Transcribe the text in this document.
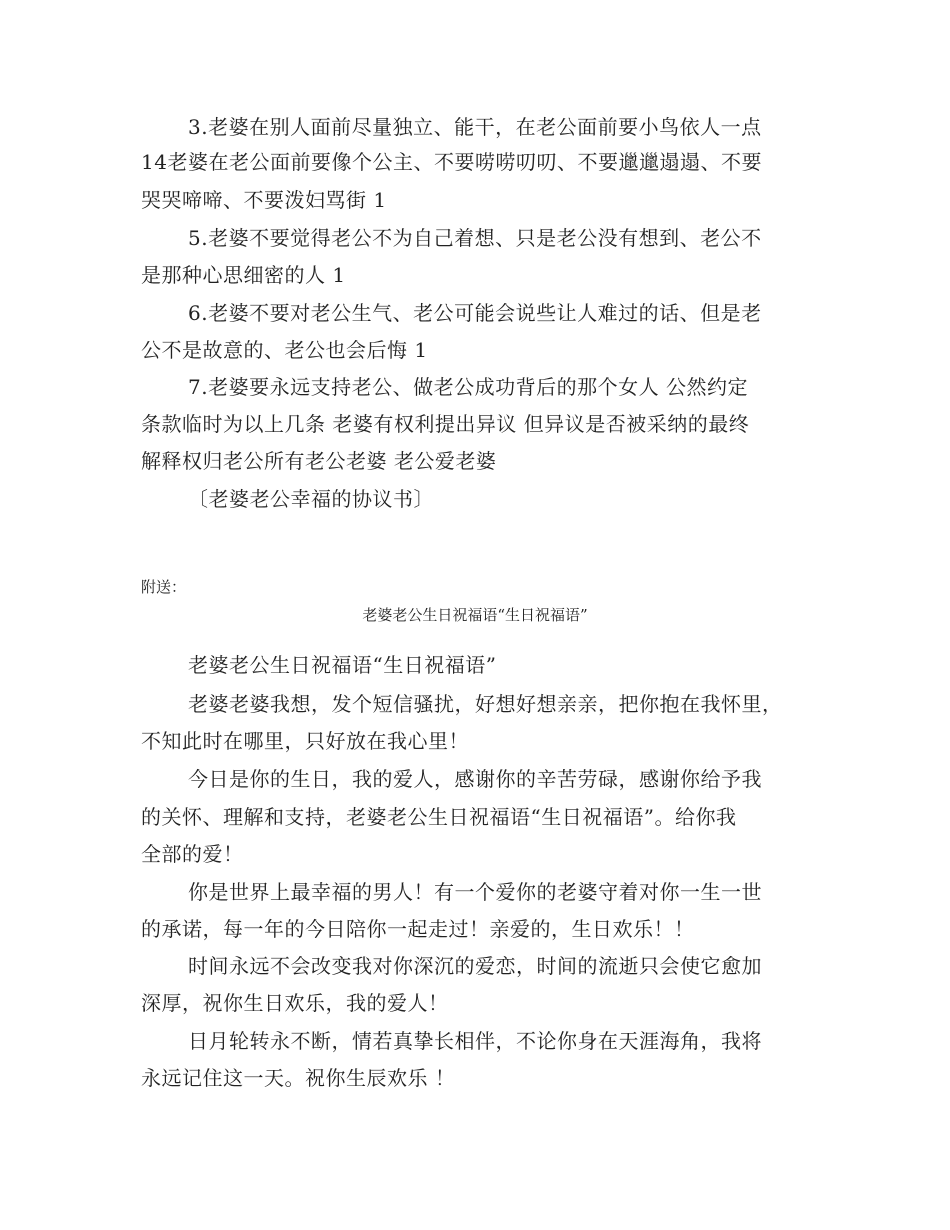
3.老婆在别人面前尽量独立、能干，在老公面前要小鸟依人一点
14老婆在老公面前要像个公主、不要唠唠叨叨、不要邋邋遢遢、不要
哭哭啼啼、不要泼妇骂街 1
5.老婆不要觉得老公不为自己着想、只是老公没有想到、老公不
是那种心思细密的人 1
6.老婆不要对老公生气、老公可能会说些让人难过的话、但是老
公不是故意的、老公也会后悔 1
7.老婆要永远支持老公、做老公成功背后的那个女人 公然约定
条款临时为以上几条 老婆有权利提出异议 但异议是否被采纳的最终
解释权归老公所有老公老婆 老公爱老婆
〔老婆老公幸福的协议书〕
附送：
老婆老公生日祝福语“生日祝福语”
老婆老公生日祝福语“生日祝福语”
老婆老婆我想，发个短信骚扰，好想好想亲亲，把你抱在我怀里，
不知此时在哪里，只好放在我心里！
今日是你的生日，我的爱人，感谢你的辛苦劳碌，感谢你给予我
的关怀、理解和支持，老婆老公生日祝福语“生日祝福语”。给你我
全部的爱！
你是世界上最幸福的男人！有一个爱你的老婆守着对你一生一世
的承诺，每一年的今日陪你一起走过！亲爱的，生日欢乐！！
时间永远不会改变我对你深沉的爱恋，时间的流逝只会使它愈加
深厚，祝你生日欢乐，我的爱人！
日月轮转永不断，情若真挚长相伴，不论你身在天涯海角，我将
永远记住这一天。祝你生辰欢乐 ！
